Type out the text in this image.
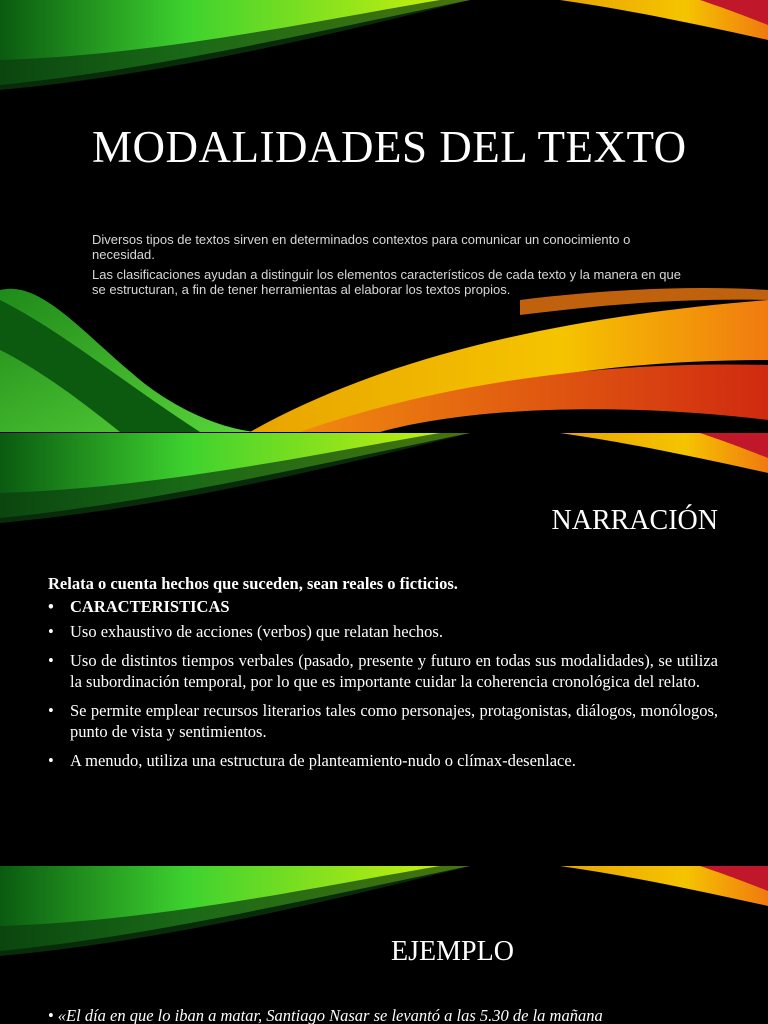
MODALIDADES DEL TEXTO

Diversos tipos de textos sirven en determinados contextos para comunicar un conocimiento o necesidad.

Las clasificaciones ayudan a distinguir los elementos característicos de cada texto y la manera en que se estructuran, a fin de tener herramientas al elaborar los textos propios.

NARRACIÓN
Relata o cuenta hechos que suceden, sean reales o ficticios.
• CARACTERISTICAS
• Uso exhaustivo de acciones (verbos) que relatan hechos.
• Uso de distintos tiempos verbales (pasado, presente y futuro en todas sus modalidades), se utiliza la subordinación temporal, por lo que es importante cuidar la coherencia cronológica del relato.
• Se permite emplear recursos literarios tales como personajes, protagonistas, diálogos, monólogos, punto de vista y sentimientos.
• A menudo, utiliza una estructura de planteamiento-nudo o clímax-desenlace.
EJEMPLO
• «El día en que lo iban a matar, Santiago Nasar se levantó a las 5.30 de la mañana
